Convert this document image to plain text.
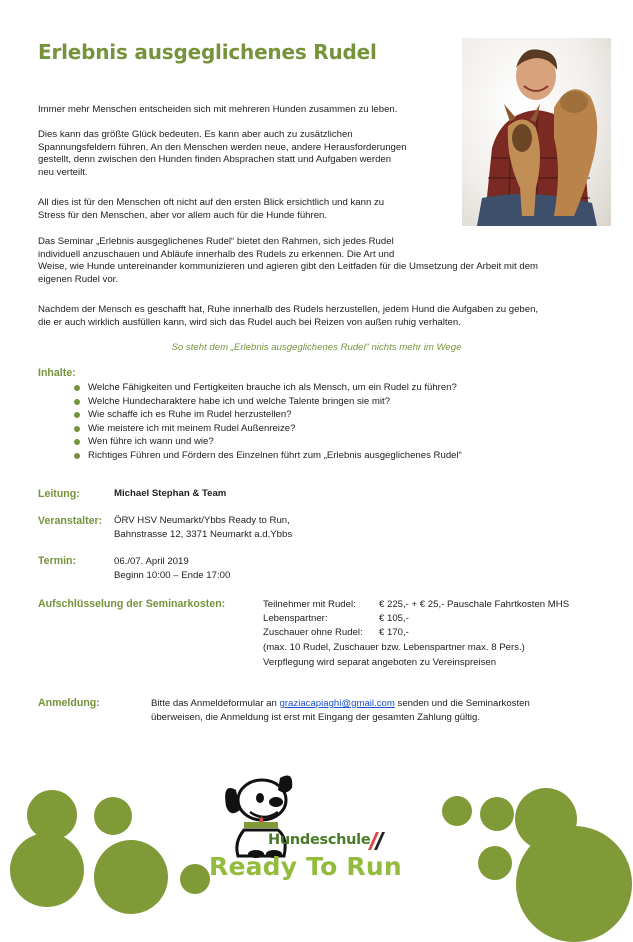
Erlebnis ausgeglichenes Rudel
Immer mehr Menschen entscheiden sich mit mehreren Hunden zusammen zu leben.
Dies kann das größte Glück bedeuten. Es kann aber auch zu zusätzlichen
Spannungsfeldern führen. An den Menschen werden neue, andere Herausforderungen
gestellt, denn zwischen den Hunden finden Absprachen statt und Aufgaben werden
neu verteilt.
All dies ist für den Menschen oft nicht auf den ersten Blick ersichtlich und kann zu
Stress für den Menschen, aber vor allem auch für die Hunde führen.
Das Seminar „Erlebnis ausgeglichenes Rudel“ bietet den Rahmen, sich jedes Rudel
individuell anzuschauen und Abläufe innerhalb des Rudels zu erkennen. Die Art und
Weise, wie Hunde untereinander kommunizieren und agieren gibt den Leitfaden für die Umsetzung der Arbeit mit dem
eigenen Rudel vor.
Nachdem der Mensch es geschafft hat, Ruhe innerhalb des Rudels herzustellen, jedem Hund die Aufgaben zu geben,
die er auch wirklich ausfüllen kann, wird sich das Rudel auch bei Reizen von außen ruhig verhalten.
So steht dem „Erlebnis ausgeglichenes Rudel“ nichts mehr im Wege
Inhalte:
Welche Fähigkeiten und Fertigkeiten brauche ich als Mensch, um ein Rudel zu führen?
Welche Hundecharaktere habe ich und welche Talente bringen sie mit?
Wie schaffe ich es Ruhe im Rudel herzustellen?
Wie meistere ich mit meinem Rudel Außenreize?
Wen führe ich wann und wie?
Richtiges Führen und Fördern des Einzelnen führt zum „Erlebnis ausgeglichenes Rudel“
Leitung:	Michael Stephan & Team
Veranstalter: ÖRV HSV Neumarkt/Ybbs Ready to Run,
Bahnstrasse 12, 3371 Neumarkt a.d.Ybbs
Termin:	06./07. April 2019
Beginn 10:00 – Ende 17:00
Aufschlüsselung der Seminarkosten:	Teilnehmer mit Rudel: € 225,- + € 25,- Pauschale Fahrtkosten MHS
Lebenspartner:	€ 105,-
Zuschauer ohne Rudel: € 170,-
(max. 10 Rudel, Zuschauer bzw. Lebenspartner max. 8 Pers.)
Verpflegung wird separat angeboten zu Vereinspreisen
Anmeldung:	Bitte das Anmeldeformular an graziacapiaghi@gmail.com senden und die Seminarkosten
überweisen, die Anmeldung ist erst mit Eingang der gesamten Zahlung gültig.
Hundeschule
Ready To Run
